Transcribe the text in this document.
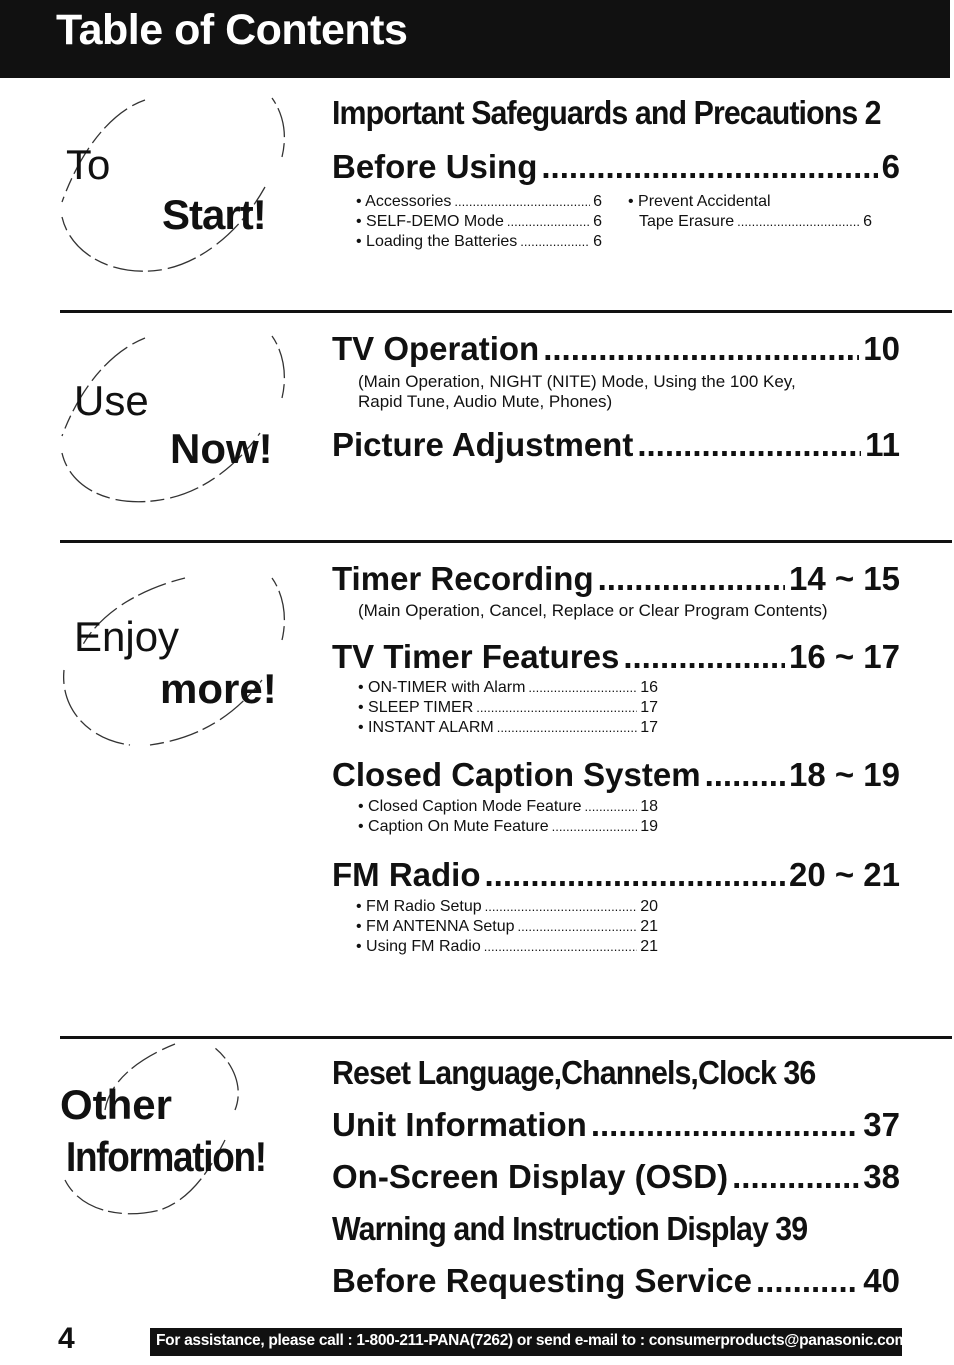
Table of Contents
To
Start!
Important Safeguards and Precautions 2
Before Using .....	6
• Accessories .....	6
• SELF-DEMO Mode .....	6
• Loading the Batteries .....	6
• Prevent Accidental
Tape Erasure .....	6
Use
Now!
TV Operation .....	10
(Main Operation, NIGHT (NITE) Mode, Using the 100 Key,
Rapid Tune, Audio Mute, Phones)
Picture Adjustment .....	11
Enjoy
more!
Timer Recording .....	14 ~ 15
(Main Operation, Cancel, Replace or Clear Program Contents)
TV Timer Features .....	16 ~ 17
• ON-TIMER with Alarm .....	16
• SLEEP TIMER .....	17
• INSTANT ALARM .....	17
Closed Caption System .....	18 ~ 19
• Closed Caption Mode Feature .....	18
• Caption On Mute Feature .....	19
FM Radio .....	20 ~ 21
• FM Radio Setup .....	20
• FM ANTENNA Setup .....	21
• Using FM Radio .....	21
Other
Information!
Reset Language,Channels,Clock 36
Unit Information .....	37
On-Screen Display (OSD) .....	38
Warning and Instruction Display 39
Before Requesting Service .....	40
4	For assistance, please call : 1-800-211-PANA(7262) or send e-mail to : consumerproducts@panasonic.com
